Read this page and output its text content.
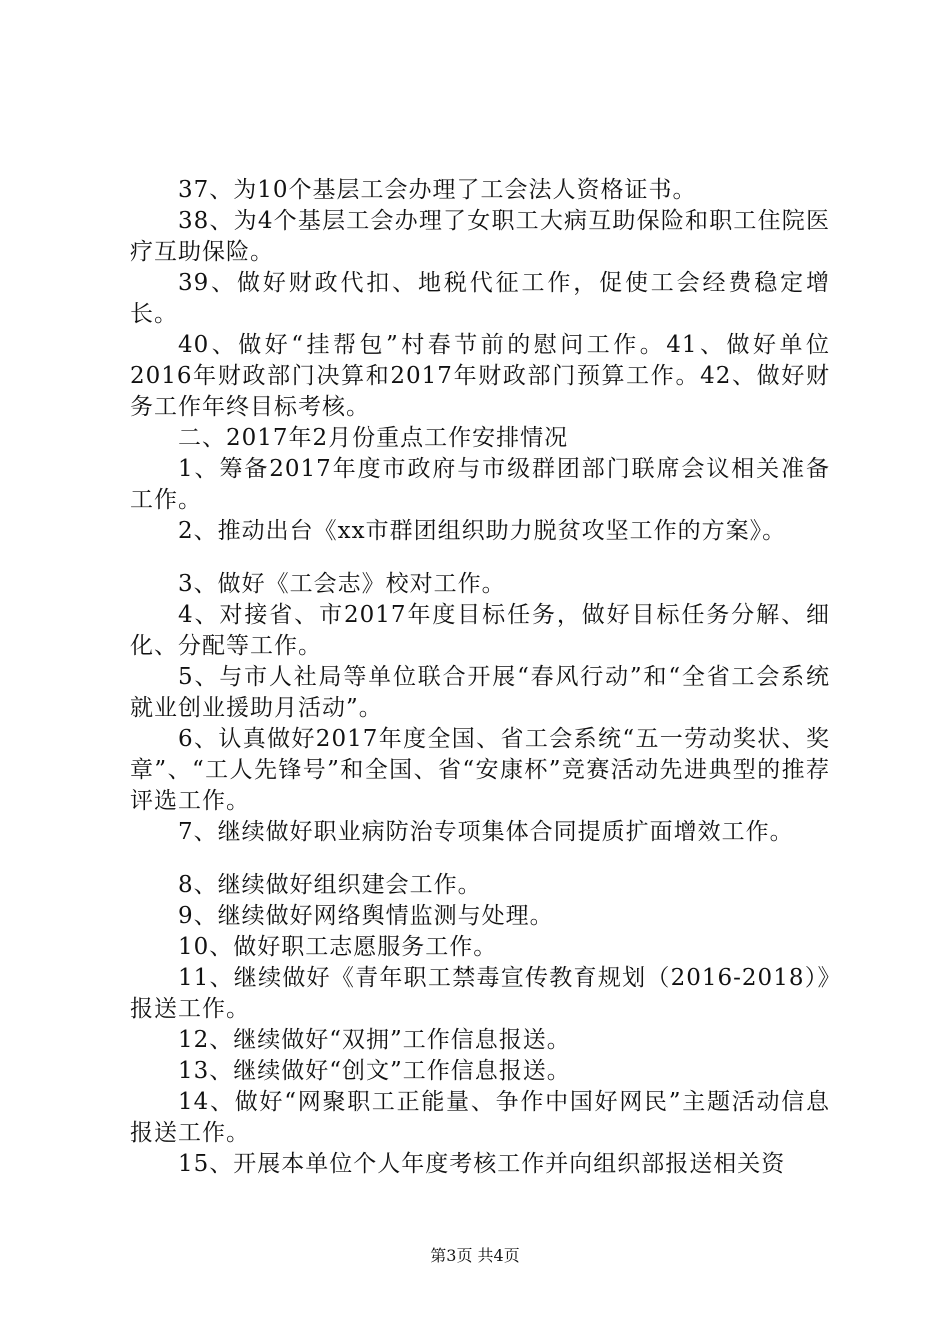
37、为10个基层工会办理了工会法人资格证书。

38、为4个基层工会办理了女职工大病互助保险和职工住院医疗互助保险。

39、做好财政代扣、地税代征工作，促使工会经费稳定增长。

40、做好“挂帮包”村春节前的慰问工作。41、做好单位2016年财政部门决算和2017年财政部门预算工作。42、做好财务工作年终目标考核。

二、2017年2月份重点工作安排情况

1、筹备2017年度市政府与市级群团部门联席会议相关准备工作。

2、推动出台《xx市群团组织助力脱贫攻坚工作的方案》。

3、做好《工会志》校对工作。

4、对接省、市2017年度目标任务，做好目标任务分解、细化、分配等工作。

5、与市人社局等单位联合开展“春风行动”和“全省工会系统就业创业援助月活动”。

6、认真做好2017年度全国、省工会系统“五一劳动奖状、奖章”、“工人先锋号”和全国、省“安康杯”竞赛活动先进典型的推荐评选工作。

7、继续做好职业病防治专项集体合同提质扩面增效工作。

8、继续做好组织建会工作。

9、继续做好网络舆情监测与处理。

10、做好职工志愿服务工作。

11、继续做好《青年职工禁毒宣传教育规划（2016-2018）》报送工作。

12、继续做好“双拥”工作信息报送。

13、继续做好“创文”工作信息报送。

14、做好“网聚职工正能量、争作中国好网民”主题活动信息报送工作。

15、开展本单位个人年度考核工作并向组织部报送相关资

第3页 共4页
